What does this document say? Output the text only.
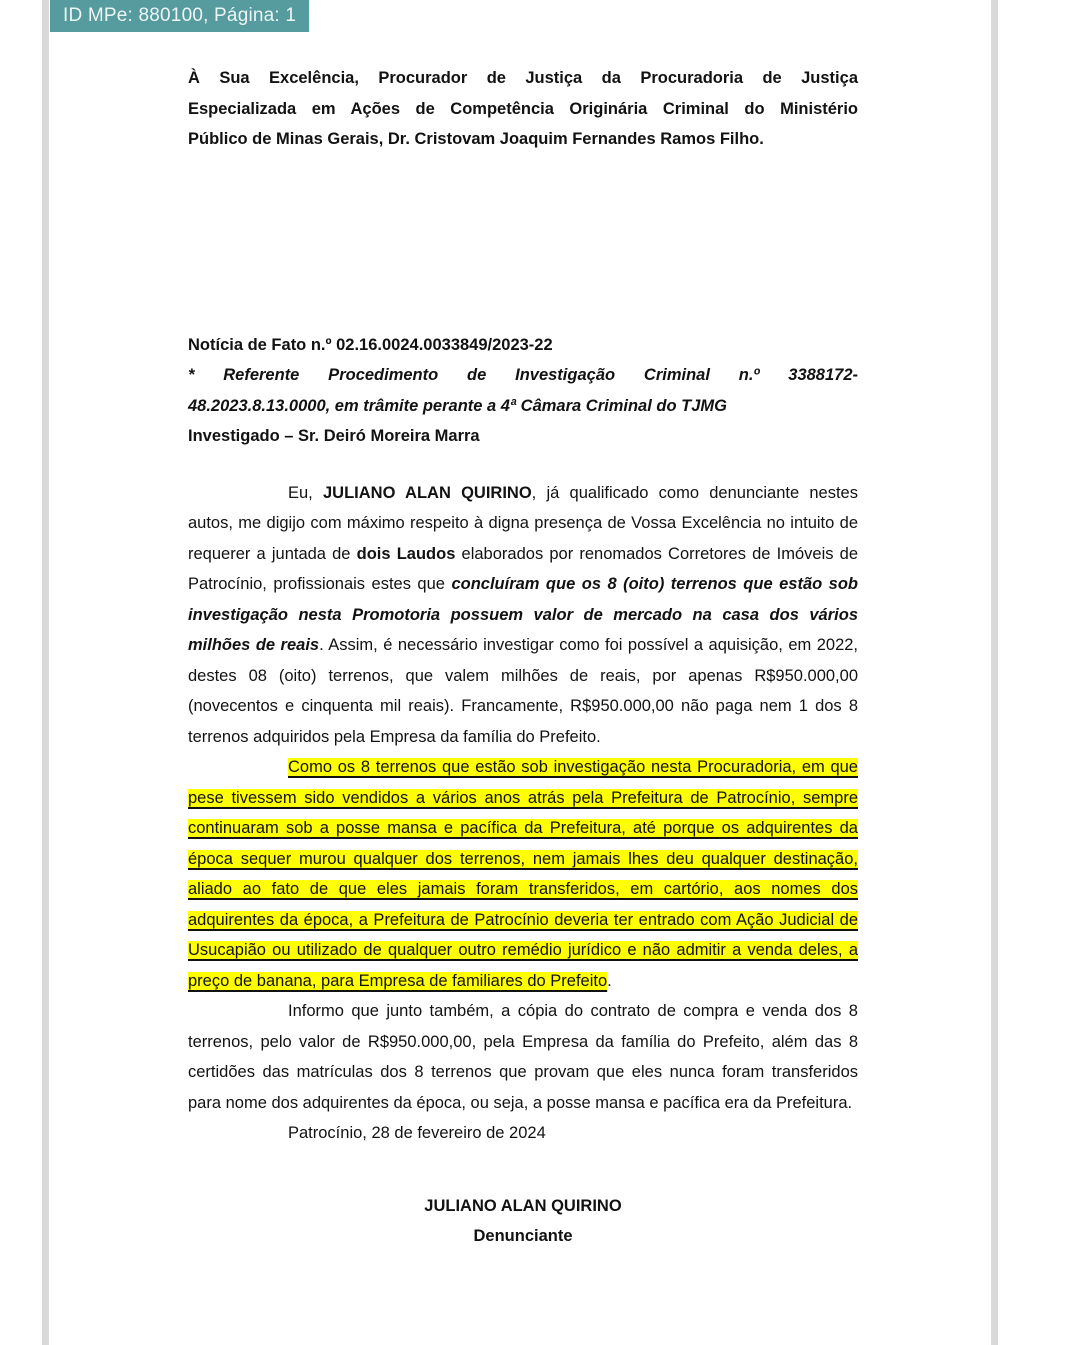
ID MPe: 880100, Página: 1

À Sua Excelência, Procurador de Justiça da Procuradoria de Justiça

Especializada em Ações de Competência Originária Criminal do Ministério

Público de Minas Gerais, Dr. Cristovam Joaquim Fernandes Ramos Filho.

Notícia de Fato n.º 02.16.0024.0033849/2023-22

* Referente Procedimento de Investigação Criminal n.º 3388172-

48.2023.8.13.0000, em trâmite perante a 4ª Câmara Criminal do TJMG

Investigado – Sr. Deiró Moreira Marra

Eu, JULIANO ALAN QUIRINO, já qualificado como denunciante nestes autos, me digijo com máximo respeito à digna presença de Vossa Excelência no intuito de requerer a juntada de dois Laudos elaborados por renomados Corretores de Imóveis de Patrocínio, profissionais estes que concluíram que os 8 (oito) terrenos que estão sob investigação nesta Promotoria possuem valor de mercado na casa dos vários milhões de reais. Assim, é necessário investigar como foi possível a aquisição, em 2022, destes 08 (oito) terrenos, que valem milhões de reais, por apenas R$950.000,00 (novecentos e cinquenta mil reais). Francamente, R$950.000,00 não paga nem 1 dos 8 terrenos adquiridos pela Empresa da família do Prefeito.

Como os 8 terrenos que estão sob investigação nesta Procuradoria, em que pese tivessem sido vendidos a vários anos atrás pela Prefeitura de Patrocínio, sempre continuaram sob a posse mansa e pacífica da Prefeitura, até porque os adquirentes da época sequer murou qualquer dos terrenos, nem jamais lhes deu qualquer destinação, aliado ao fato de que eles jamais foram transferidos, em cartório, aos nomes dos adquirentes da época, a Prefeitura de Patrocínio deveria ter entrado com Ação Judicial de Usucapião ou utilizado de qualquer outro remédio jurídico e não admitir a venda deles, a preço de banana, para Empresa de familiares do Prefeito.

Informo que junto também, a cópia do contrato de compra e venda dos 8 terrenos, pelo valor de R$950.000,00, pela Empresa da família do Prefeito, além das 8 certidões das matrículas dos 8 terrenos que provam que eles nunca foram transferidos para nome dos adquirentes da época, ou seja, a posse mansa e pacífica era da Prefeitura.

Patrocínio, 28 de fevereiro de 2024

JULIANO ALAN QUIRINO

Denunciante
